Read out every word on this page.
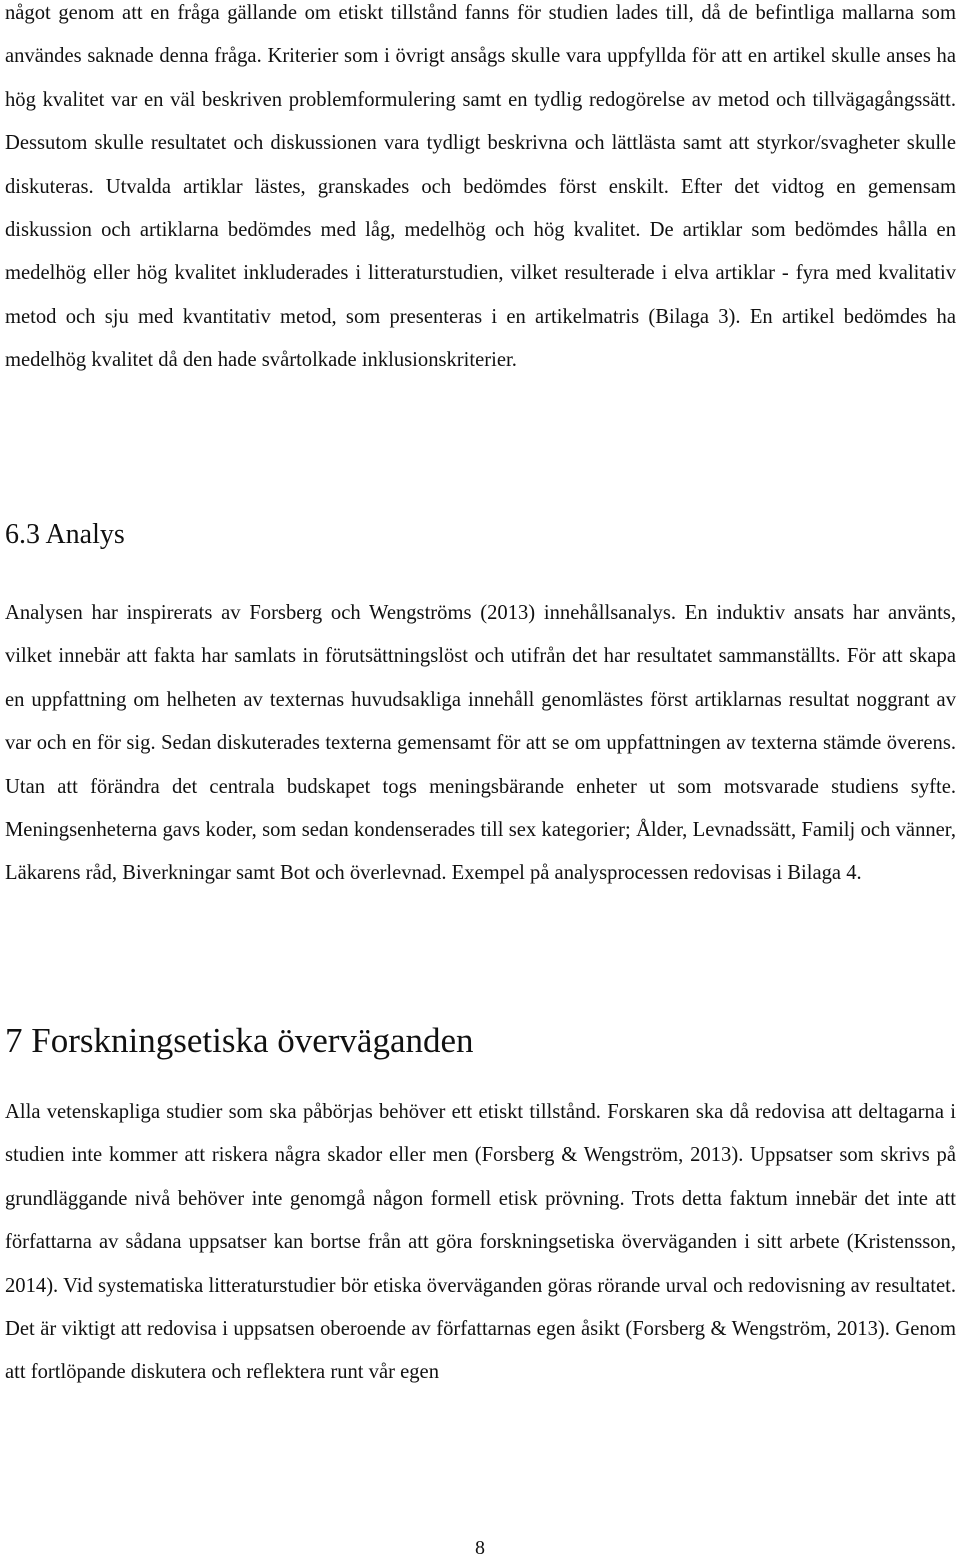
något genom att en fråga gällande om etiskt tillstånd fanns för studien lades till, då de befintliga mallarna som användes saknade denna fråga. Kriterier som i övrigt ansågs skulle vara uppfyllda för att en artikel skulle anses ha hög kvalitet var en väl beskriven problemformulering samt en tydlig redogörelse av metod och tillvägagångssätt. Dessutom skulle resultatet och diskussionen vara tydligt beskrivna och lättlästa samt att styrkor/svagheter skulle diskuteras. Utvalda artiklar lästes, granskades och bedömdes först enskilt. Efter det vidtog en gemensam diskussion och artiklarna bedömdes med låg, medelhög och hög kvalitet. De artiklar som bedömdes hålla en medelhög eller hög kvalitet inkluderades i litteraturstudien, vilket resulterade i elva artiklar - fyra med kvalitativ metod och sju med kvantitativ metod, som presenteras i en artikelmatris (Bilaga 3). En artikel bedömdes ha medelhög kvalitet då den hade svårtolkade inklusionskriterier.

6.3 Analys

Analysen har inspirerats av Forsberg och Wengströms (2013) innehållsanalys. En induktiv ansats har använts, vilket innebär att fakta har samlats in förutsättningslöst och utifrån det har resultatet sammanställts. För att skapa en uppfattning om helheten av texternas huvudsakliga innehåll genomlästes först artiklarnas resultat noggrant av var och en för sig. Sedan diskuterades texterna gemensamt för att se om uppfattningen av texterna stämde överens. Utan att förändra det centrala budskapet togs meningsbärande enheter ut som motsvarade studiens syfte. Meningsenheterna gavs koder, som sedan kondenserades till sex kategorier; Ålder, Levnadssätt, Familj och vänner, Läkarens råd, Biverkningar samt Bot och överlevnad. Exempel på analysprocessen redovisas i Bilaga 4.

7 Forskningsetiska överväganden

Alla vetenskapliga studier som ska påbörjas behöver ett etiskt tillstånd. Forskaren ska då redovisa att deltagarna i studien inte kommer att riskera några skador eller men (Forsberg & Wengström, 2013). Uppsatser som skrivs på grundläggande nivå behöver inte genomgå någon formell etisk prövning. Trots detta faktum innebär det inte att författarna av sådana uppsatser kan bortse från att göra forskningsetiska överväganden i sitt arbete (Kristensson, 2014). Vid systematiska litteraturstudier bör etiska överväganden göras rörande urval och redovisning av resultatet. Det är viktigt att redovisa i uppsatsen oberoende av författarnas egen åsikt (Forsberg & Wengström, 2013). Genom att fortlöpande diskutera och reflektera runt vår egen

8
